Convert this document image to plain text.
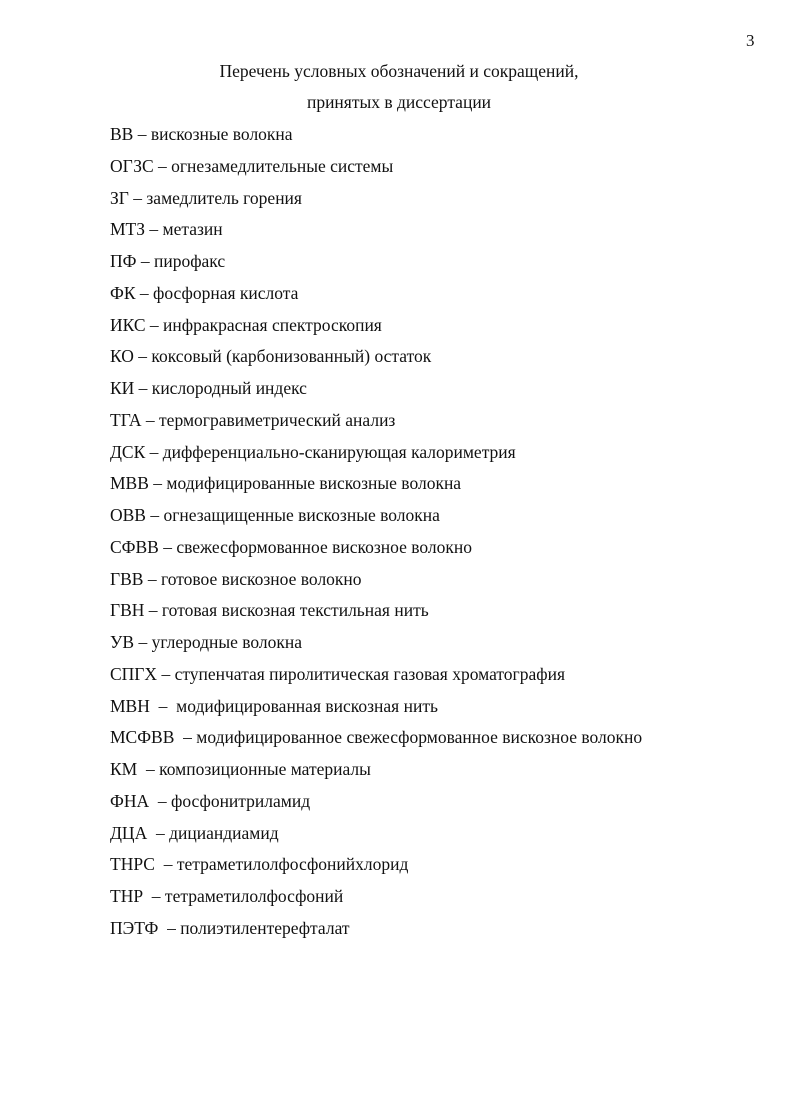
3
Перечень условных обозначений и сокращений,
принятых в диссертации
ВВ – вискозные волокна
ОГЗС – огнезамедлительные системы
ЗГ – замедлитель горения
МТЗ – метазин
ПФ – пирофакс
ФК – фосфорная кислота
ИКС – инфракрасная спектроскопия
КО – коксовый (карбонизованный) остаток
КИ – кислородный индекс
ТГА – термогравиметрический анализ
ДСК – дифференциально-сканирующая калориметрия
МВВ – модифицированные вискозные волокна
ОВВ – огнезащищенные вискозные волокна
СФВВ – свежесформованное вискозное волокно
ГВВ – готовое вискозное волокно
ГВН – готовая вискозная текстильная нить
УВ – углеродные волокна
СПГХ – ступенчатая пиролитическая газовая хроматография
МВН  –  модифицированная вискозная нить
МСФВВ  – модифицированное свежесформованное вискозное волокно
КМ  – композиционные материалы
ФНА  – фосфонитриламид
ДЦА  – дициандиамид
ТНРС  – тетраметилолфосфонийхлорид
ТНР  – тетраметилолфосфоний
ПЭТФ  – полиэтилентерефталат
